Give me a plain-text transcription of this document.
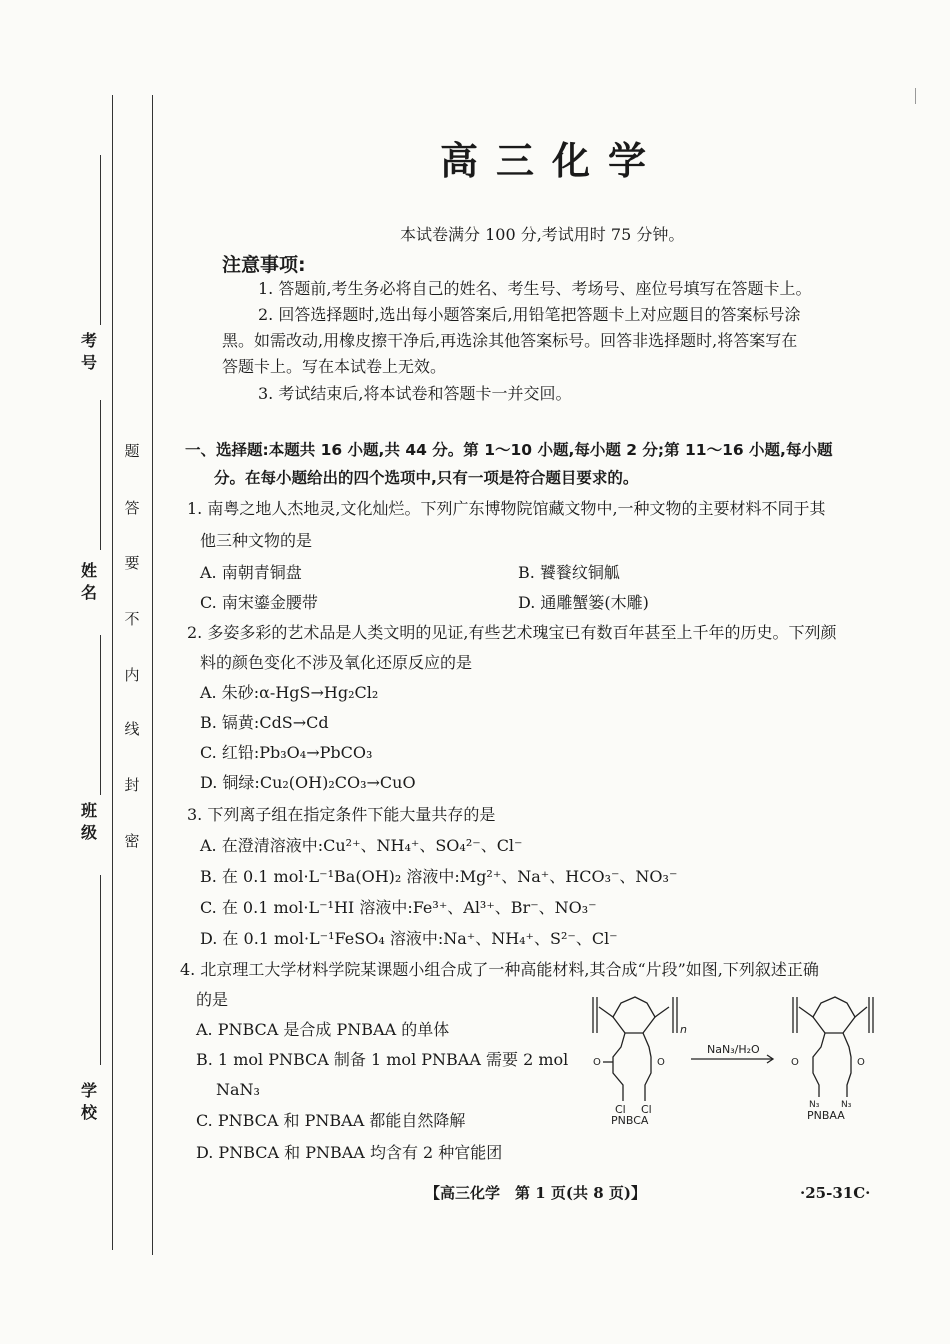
考号
姓名
班级
学校
题
答
要
不
内
线
封
密
高三化学
本试卷满分 100 分,考试用时 75 分钟。
注意事项:
1. 答题前,考生务必将自己的姓名、考生号、考场号、座位号填写在答题卡上。
2. 回答选择题时,选出每小题答案后,用铅笔把答题卡上对应题目的答案标号涂
黑。如需改动,用橡皮擦干净后,再选涂其他答案标号。回答非选择题时,将答案写在
答题卡上。写在本试卷上无效。
3. 考试结束后,将本试卷和答题卡一并交回。
一、选择题:本题共 16 小题,共 44 分。第 1～10 小题,每小题 2 分;第 11～16 小题,每小题
分。在每小题给出的四个选项中,只有一项是符合题目要求的。
1. 南粤之地人杰地灵,文化灿烂。下列广东博物院馆藏文物中,一种文物的主要材料不同于其
他三种文物的是
A. 南朝青铜盘	B. 饕餮纹铜觚
C. 南宋鎏金腰带	D. 通雕蟹篓(木雕)
2. 多姿多彩的艺术品是人类文明的见证,有些艺术瑰宝已有数百年甚至上千年的历史。下列颜
料的颜色变化不涉及氧化还原反应的是
A. 朱砂:α-HgS→Hg₂Cl₂
B. 镉黄:CdS→Cd
C. 红铅:Pb₃O₄→PbCO₃
D. 铜绿:Cu₂(OH)₂CO₃→CuO
3. 下列离子组在指定条件下能大量共存的是
A. 在澄清溶液中:Cu²⁺、NH₄⁺、SO₄²⁻、Cl⁻
B. 在 0.1 mol·L⁻¹Ba(OH)₂ 溶液中:Mg²⁺、Na⁺、HCO₃⁻、NO₃⁻
C. 在 0.1 mol·L⁻¹HI 溶液中:Fe³⁺、Al³⁺、Br⁻、NO₃⁻
D. 在 0.1 mol·L⁻¹FeSO₄ 溶液中:Na⁺、NH₄⁺、S²⁻、Cl⁻
4. 北京理工大学材料学院某课题小组合成了一种高能材料,其合成“片段”如图,下列叙述正确
的是
A. PNBCA 是合成 PNBAA 的单体
B. 1 mol PNBCA 制备 1 mol PNBAA 需要 2 mol
NaN₃
C. PNBCA 和 PNBAA 都能自然降解
D. PNBCA 和 PNBAA 均含有 2 种官能团
O	O
Cl Cl
n
PNBCA
NaN₃/H₂O
O	O
N₃ N₃
PNBAA
【高三化学　第 1 页(共 8 页)】	·25-31C·
